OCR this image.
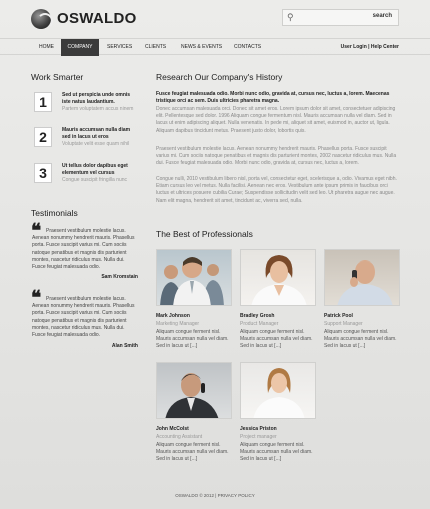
OSWALDO	⚲	search
HOME	COMPANY	SERVICES	CLIENTS	NEWS & EVENTS CONTACTS	User Login | Help Center
Work Smarter
1	Sed ut perspicia unde omnis iste natus laudantium.
Partem voluptatem accus ninem
2	Mauris accumsan nulla diam sed in lacus ut eros
Voluptate velit esse quam nihil
3	Ut tellus dolor dapibus eget elementum vel cursus
Congue suscipit fringilla nunc
Testimonials
❝ Praesent vestibulum molestie lacus. Aenean nonummy hendrerit mauris. Phasellus porta. Fusce suscipit varius mi. Cum sociis natoque penatibus et magnis dis parturient montes, nascetur ridiculus mus. Nulla dui. Fusce feugiat malesuada odio.
Sam Kromstain
❝ Praesent vestibulum molestie lacus. Aenean nonummy hendrerit mauris. Phasellus porta. Fusce suscipit varius mi. Cum sociis natoque penatibus et magnis dis parturient montes, nascetur ridiculus mus. Nulla dui. Fusce feugiat malesuada odio.
Alan Smith
Research Our Company's History
Fusce feugiat malesuada odio. Morbi nunc odio, gravida at, cursus nec, luctus a, lorem. Maecenas tristique orci ac sem. Duis ultricies pharetra magna.
Donec accumsan malesuada orci. Donec sit amet eros. Lorem ipsum dolor sit amet, consectetuer adipiscing elit. Pellentesque sed dolor. 1996 Aliquam congue fermentum nisl. Mauris accumsan nulla vel diam. Sed in lacus ut enim adipiscing aliquet. Nulla venenatis. In pede mi, aliquet sit amet, euismod in, auctor ut, ligula. Aliquam dapibus tincidunt metus. Praesent justo dolor, lobortis quis.
Praesent vestibulum molestie lacus. Aenean nonummy hendrerit mauris. Phasellus porta. Fusce suscipit varius mi. Cum sociis natoque penatibus et magnis dis parturient montes, 2002 nascetur ridiculus mus. Nulla dui. Fusce feugiat malesuada odio. Morbi nunc odio, gravida at, cursus nec, luctus a, lorem.
Congue nulli, 2010 vestibulum libero nisl, porta vel, consectetur eget, scelerisque a, odio. Vivamus eget nibh. Etiam cursus leo vel metus. Nulla facilisi. Aenean nec eros. Vestibulum ante ipsum primis in faucibus orci luctus et ultrices posuere cubilia Curae; Suspendisse sollicitudin velit sed leo. Ut pharetra augue nec augue. Nam elit magna, hendrerit sit amet, tincidunt ac, viverra sed, nulla.
The Best of Professionals
Mark Johnson
Marketing Manager
Aliquam congue ferment nisl. Mauris accumsan nulla vel diam. Sed in lacus ut [...]
Bradley Grosh
Product Manager
Aliquam congue ferment nisl. Mauris accumsan nulla vel diam. Sed in lacus ut [...]
Patrick Pool
Support Manager
Aliquam congue ferment nisl. Mauris accumsan nulla vel diam. Sed in lacus ut [...]
John McColst
Accounting Assistant
Aliquam congue ferment nisl. Mauris accumsan nulla vel diam. Sed in lacus ut [...]
Jessica Priston
Project manager
Aliquam congue ferment nisl. Mauris accumsan nulla vel diam. Sed in lacus ut [...]
OSWALDO © 2012 | PRIVACY POLICY
